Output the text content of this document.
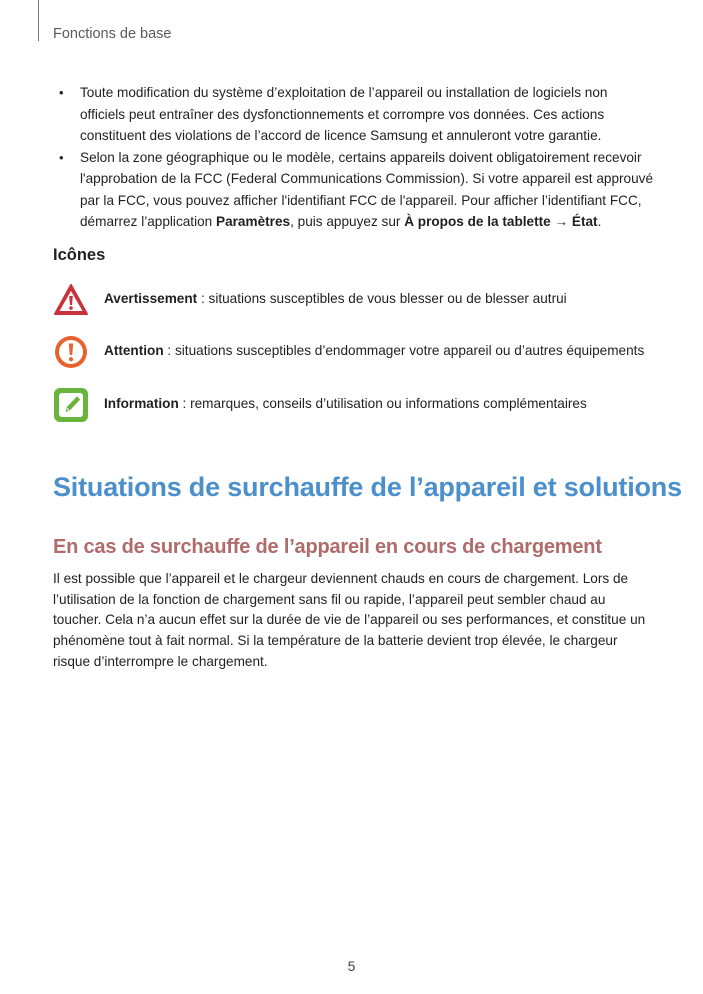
Fonctions de base
• Toute modification du système d’exploitation de l’appareil ou installation de logiciels non officiels peut entraîner des dysfonctionnements et corrompre vos données. Ces actions constituent des violations de l’accord de licence Samsung et annuleront votre garantie.
• Selon la zone géographique ou le modèle, certains appareils doivent obligatoirement recevoir l'approbation de la FCC (Federal Communications Commission). Si votre appareil est approuvé par la FCC, vous pouvez afficher l'identifiant FCC de l'appareil. Pour afficher l’identifiant FCC, démarrez l’application Paramètres, puis appuyez sur À propos de la tablette → État.
Icônes
Avertissement : situations susceptibles de vous blesser ou de blesser autrui
Attention : situations susceptibles d’endommager votre appareil ou d’autres équipements
Information : remarques, conseils d’utilisation ou informations complémentaires
Situations de surchauffe de l’appareil et solutions
En cas de surchauffe de l’appareil en cours de chargement

Il est possible que l’appareil et le chargeur deviennent chauds en cours de chargement. Lors de l’utilisation de la fonction de chargement sans fil ou rapide, l’appareil peut sembler chaud au toucher. Cela n’a aucun effet sur la durée de vie de l’appareil ou ses performances, et constitue un phénomène tout à fait normal. Si la température de la batterie devient trop élevée, le chargeur risque d’interrompre le chargement.

5
